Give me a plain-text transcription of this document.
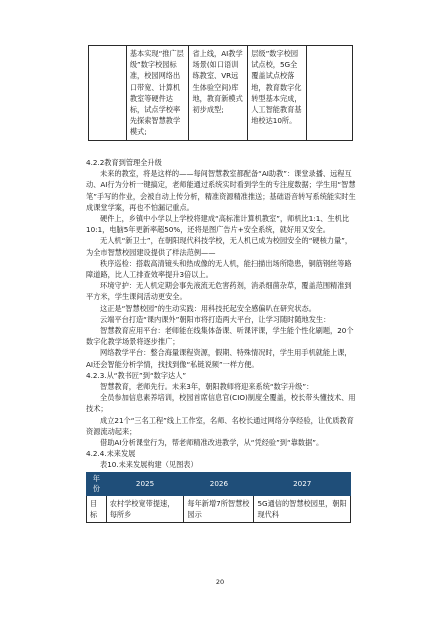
	基本实现“推广层级”数字校园标准，校园网络出口带宽、计算机教室等硬件达标，试点学校率先探索智慧教学模式;	省上线，AI教学场景(如口语训练教室、VR远生体验空间)库地，教育新模式初步成型;	层级”数字校园试点校，5G全覆盖试点校落地，教育数字化转型基本完成，人工智能教育基地校达10所。	

4.2.2教育到管理全升级

未来的教室，将是这样的——每间智慧教室都配备“AI助教”：课堂录播、远程互动、AI行为分析一键搞定，老师能通过系统实时看到学生的专注度数据；学生用“智慧笔”手写的作业，会被自动上传分析，精准资源精准推送；基础语音转写系统能实时生成课堂学案，再也不怕漏记重点。

硬件上，乡镇中小学以上学校将建成“高标准计算机教室”，师机比1:1、生机比10:1，电脑5年更新率超50%，还将是图广告片+安全系统，就好用又安全。

无人机“新卫士”，在朝阳现代科技学校，无人机已成为校园安全的“硬核力量”，为全市智慧校园建设提供了样法范例——

秩序巡检：搭载高清镜头和热成像的无人机，能扫描出场所隐患，铜筋钢丝等路障道路，比人工排查效率提升3倍以上。

环境守护：无人机定期会事先液流无危害药剂，消杀细菌杂草，覆盖范围精准到平方米，学生课间活动更安全。

这正是“智慧校园”的生动实践：用科技托起安全感偏叭在研究状态。

云端平台打造“课内课外”朝阳市将打造两大平台，让学习随时随地发生：

智慧教育应用平台：老师能在线集体备课、听课评课，学生能个性化刷题，20个数字化教学场景将逐步推广；

网络教学平台：整合海量课程资源，假期、特殊情况时，学生用手机就能上课，AI还会智能分析学情，找找到像“私链说频”一样方便。

4.2.3.从“教书匠”到“数字达人”

智慧教育，老师先行。未来3年，朝阳教师将迎来系统“数字升级”：

全员参加信息素养培训，校园首席信息官(CIO)制度全覆盖，校长带头懂技术、用技术；

成立21个“三名工程”线上工作室，名师、名校长通过网络分享经验，让优质教育资源流动起来；

借助AI分析课堂行为，帮老师精准改进教学，从“凭经验”到“靠数据”。

4.2.4.未来发展

表10.未来发展构建（见图表）

年份	2025	2026	2027
目标	农村学校宽带提速，每所乡	每年新增7所智慧校园示	5G通信的智慧校园里，朝阳现代科
20
